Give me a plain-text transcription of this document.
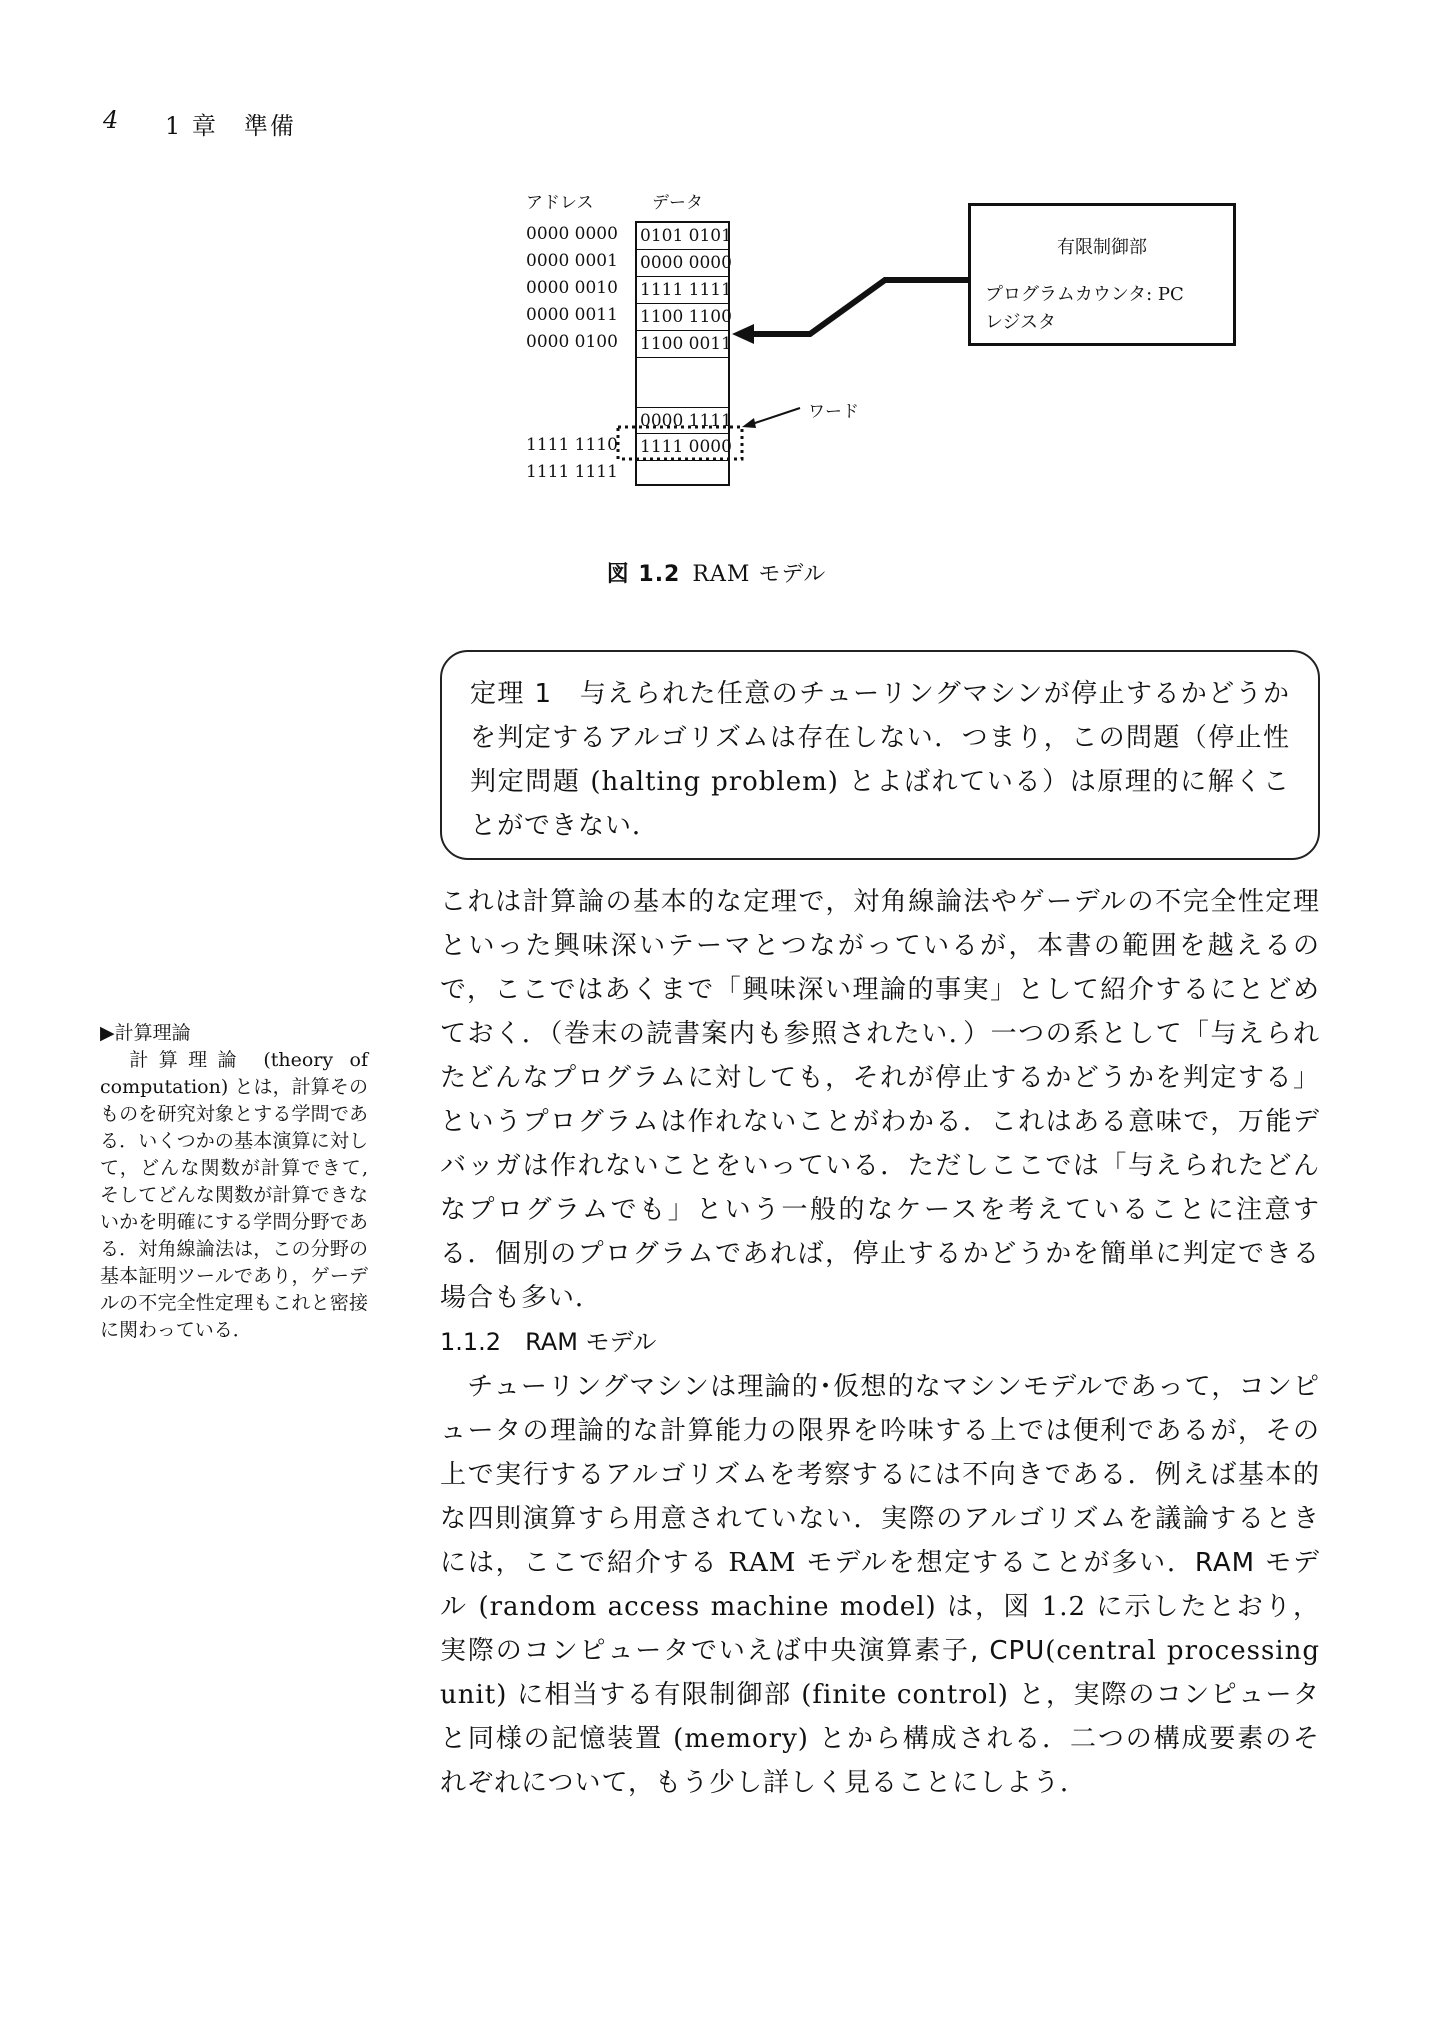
4 1 章　準備
アドレス	データ
0000 0000
0000 0001
0000 0010
0000 0011
0000 0100
1111 1110
1111 1111
0101 0101
0000 0000
1111 1111
1100 1100
1100 0011
0000 1111
1111 0000
ワード
有限制御部
プログラムカウンタ: PC
レジスタ
図 1.2 RAM モデル
定理 1　 与えられた任意のチューリングマシンが停止するかどうかを判定するアルゴリズムは存在しない．つまり，この問題（停止性判定問題 (halting problem) とよばれている）は原理的に解くことができない．
これは計算論の基本的な定理で，対角線論法やゲーデルの不完全性定理といった興味深いテーマとつながっているが，本書の範囲を越えるので，ここではあくまで「興味深い理論的事実」として紹介するにとどめておく．（巻末の読書案内も参照されたい．）一つの系として「与えられたどんなプログラムに対しても，それが停止するかどうかを判定する」というプログラムは作れないことがわかる．これはある意味で，万能デバッガは作れないことをいっている．ただしここでは「与えられたどんなプログラムでも」という一般的なケースを考えていることに注意する．個別のプログラムであれば，停止するかどうかを簡単に判定できる場合も多い．
1.1.2　 RAM モデル
　チューリングマシンは理論的･仮想的なマシンモデルであって，コンピュータの理論的な計算能力の限界を吟味する上では便利であるが，その上で実行するアルゴリズムを考察するには不向きである．例えば基本的な四則演算すら用意されていない．実際のアルゴリズムを議論するときには，ここで紹介する RAM モデルを想定することが多い．RAM モデル (random access machine model) は，図 1.2 に示したとおり，実際のコンピュータでいえば中央演算素子, CPU(central processing unit) に相当する有限制御部 (finite control) と，実際のコンピュータと同様の記憶装置 (memory) とから構成される．二つの構成要素のそれぞれについて，もう少し詳しく見ることにしよう．
▶計算理論
　計算理論 (theory of computation) とは，計算そのものを研究対象とする学問である．いくつかの基本演算に対して，どんな関数が計算できて, そしてどんな関数が計算できないかを明確にする学問分野である．対角線論法は，この分野の基本証明ツールであり，ゲーデルの不完全性定理もこれと密接に関わっている．
